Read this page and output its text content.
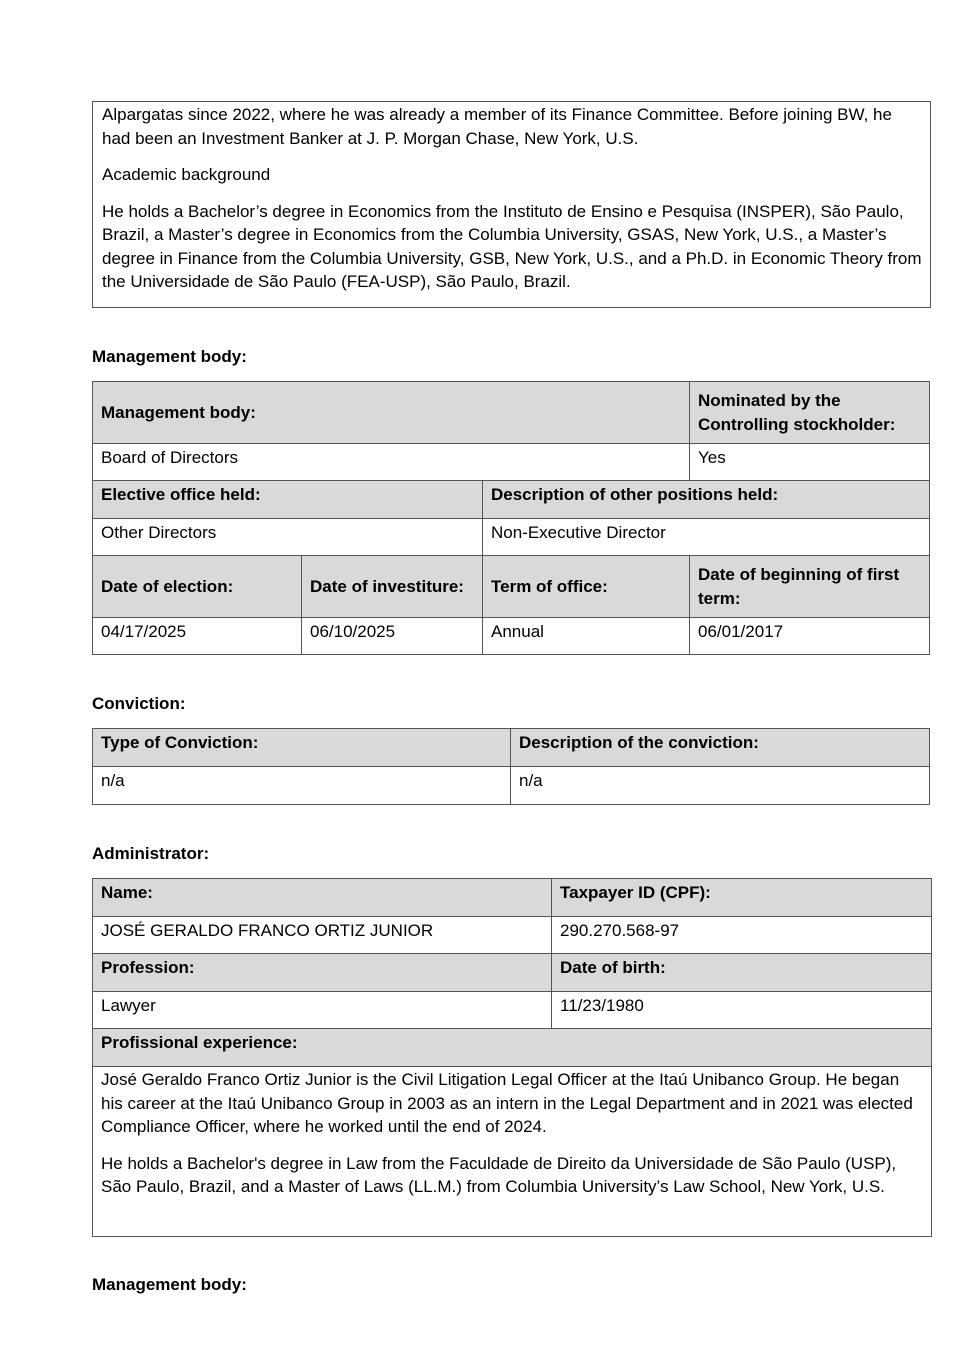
Alpargatas since 2022, where he was already a member of its Finance Committee. Before joining BW, he had been an Investment Banker at J. P. Morgan Chase, New York, U.S.

Academic background

He holds a Bachelor’s degree in Economics from the Instituto de Ensino e Pesquisa (INSPER), São Paulo, Brazil, a Master’s degree in Economics from the Columbia University, GSAS, New York, U.S., a Master’s degree in Finance from the Columbia University, GSB, New York, U.S., and a Ph.D. in Economic Theory from the Universidade de São Paulo (FEA-USP), São Paulo, Brazil.

Management body:
Management body:			Nominated by the Controlling stockholder:
Board of Directors			Yes
Elective office held:		Description of other positions held:	
Other Directors		Non-Executive Director	
Date of election:	Date of investiture:	Term of office:	Date of beginning of first term:
04/17/2025	06/10/2025	Annual	06/01/2017
Conviction:
Type of Conviction:	Description of the conviction:
n/a	n/a
Administrator:
Name:	Taxpayer ID (CPF):
JOSÉ GERALDO FRANCO ORTIZ JUNIOR	290.270.568-97
Profession:	Date of birth:
Lawyer	11/23/1980
Profissional experience:	

José Geraldo Franco Ortiz Junior is the Civil Litigation Legal Officer at the Itaú Unibanco Group. He began his career at the Itaú Unibanco Group in 2003 as an intern in the Legal Department and in 2021 was elected Compliance Officer, where he worked until the end of 2024.

He holds a Bachelor's degree in Law from the Faculdade de Direito da Universidade de São Paulo (USP), São Paulo, Brazil, and a Master of Laws (LL.M.) from Columbia University’s Law School, New York, U.S.	

Management body:
